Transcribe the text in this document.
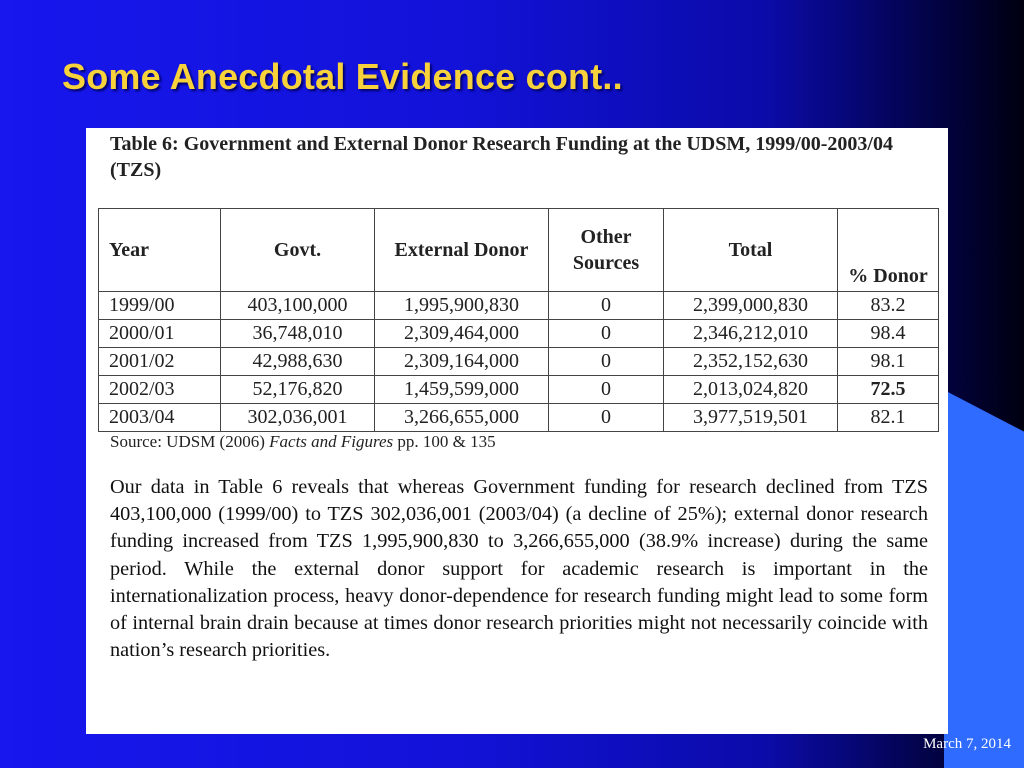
Some Anecdotal Evidence cont..

Table 6: Government and External Donor Research Funding at the UDSM, 1999/00-2003/04 (TZS)

Year	Govt.	External Donor	Other Sources	Total	% Donor
1999/00	403,100,000	1,995,900,830	0	2,399,000,830	83.2
2000/01	36,748,010	2,309,464,000	0	2,346,212,010	98.4
2001/02	42,988,630	2,309,164,000	0	2,352,152,630	98.1
2002/03	52,176,820	1,459,599,000	0	2,013,024,820	72.5
2003/04	302,036,001	3,266,655,000	0	3,977,519,501	82.1

Source: UDSM (2006) Facts and Figures pp. 100 & 135

Our data in Table 6 reveals that whereas Government funding for research declined from TZS 403,100,000 (1999/00) to TZS 302,036,001 (2003/04) (a decline of 25%); external donor research funding increased from TZS 1,995,900,830 to 3,266,655,000 (38.9% increase) during the same period. While the external donor support for academic research is important in the internationalization process, heavy donor-dependence for research funding might lead to some form of internal brain drain because at times donor research priorities might not necessarily coincide with nation’s research priorities.

March 7, 2014
